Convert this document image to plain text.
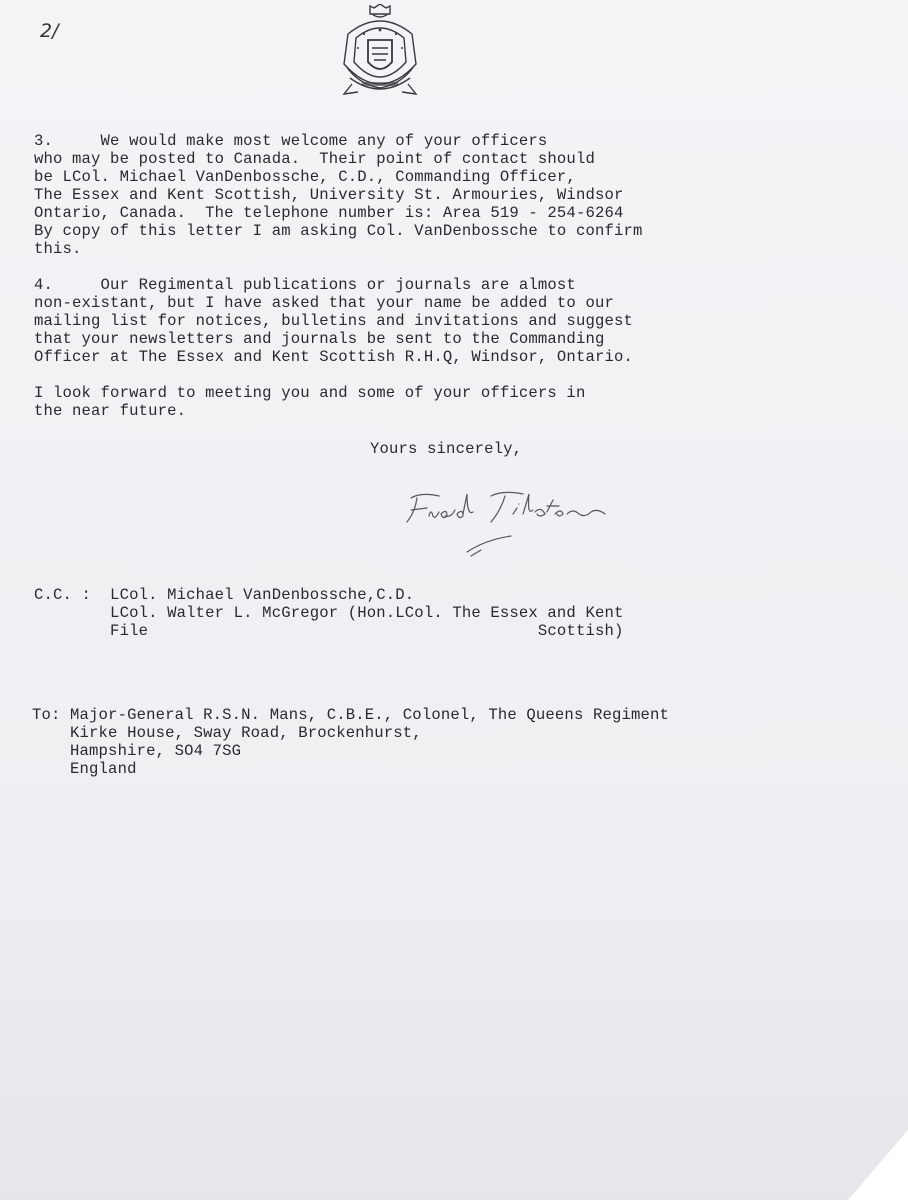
2/
3.     We would make most welcome any of your officers
who may be posted to Canada.  Their point of contact should
be LCol. Michael VanDenbossche, C.D., Commanding Officer,
The Essex and Kent Scottish, University St. Armouries, Windsor
Ontario, Canada.  The telephone number is: Area 519 - 254-6264
By copy of this letter I am asking Col. VanDenbossche to confirm
this.
4.     Our Regimental publications or journals are almost
non-existant, but I have asked that your name be added to our
mailing list for notices, bulletins and invitations and suggest
that your newsletters and journals be sent to the Commanding
Officer at The Essex and Kent Scottish R.H.Q, Windsor, Ontario.
I look forward to meeting you and some of your officers in
the near future.
Yours sincerely,
C.C. :  LCol. Michael VanDenbossche,C.D.
LCol. Walter L. McGregor (Hon.LCol. The Essex and Kent
File                                         Scottish)
To: Major-General R.S.N. Mans, C.B.E., Colonel, The Queens Regiment
Kirke House, Sway Road, Brockenhurst,
Hampshire, SO4 7SG
England
